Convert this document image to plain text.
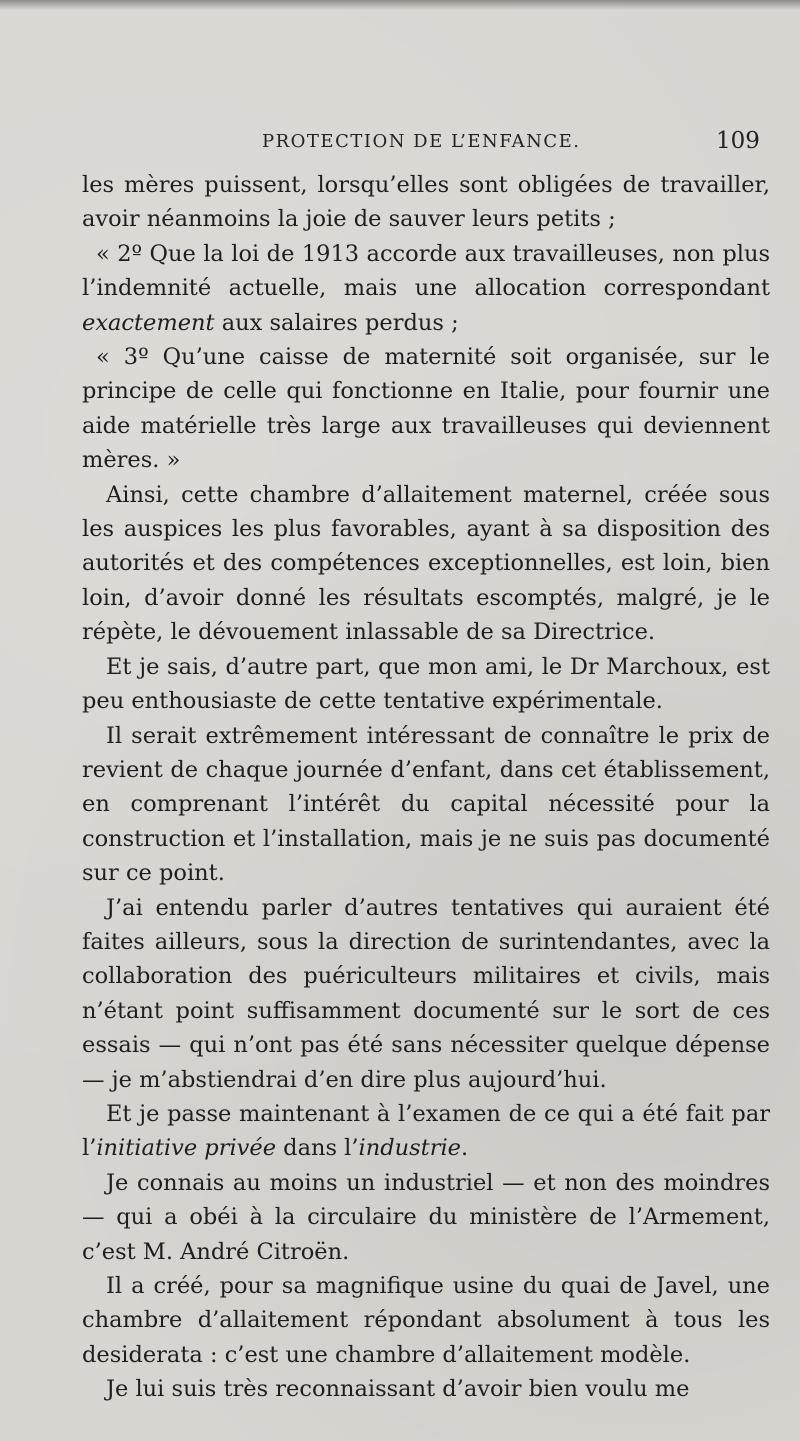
PROTECTION DE L’ENFANCE.	109

les mères puissent, lorsqu’elles sont obligées de travailler, avoir néanmoins la joie de sauver leurs petits ;

« 2º Que la loi de 1913 accorde aux travailleuses, non plus l’indemnité actuelle, mais une allocation correspondant exactement aux salaires perdus ;

« 3º Qu’une caisse de maternité soit organisée, sur le principe de celle qui fonctionne en Italie, pour fournir une aide matérielle très large aux travailleuses qui deviennent mères. »

Ainsi, cette chambre d’allaitement maternel, créée sous les auspices les plus favorables, ayant à sa disposition des autorités et des compétences exceptionnelles, est loin, bien loin, d’avoir donné les résultats escomptés, malgré, je le répète, le dévouement inlassable de sa Directrice.

Et je sais, d’autre part, que mon ami, le Dr Marchoux, est peu enthousiaste de cette tentative expérimentale.

Il serait extrêmement intéressant de connaître le prix de revient de chaque journée d’enfant, dans cet établissement, en comprenant l’intérêt du capital nécessité pour la construction et l’installation, mais je ne suis pas documenté sur ce point.

J’ai entendu parler d’autres tentatives qui auraient été faites ailleurs, sous la direction de surintendantes, avec la collaboration des puériculteurs militaires et civils, mais n’étant point suffisamment documenté sur le sort de ces essais — qui n’ont pas été sans nécessiter quelque dépense — je m’abstiendrai d’en dire plus aujourd’hui.

Et je passe maintenant à l’examen de ce qui a été fait par l’initiative privée dans l’industrie.

Je connais au moins un industriel — et non des moindres — qui a obéi à la circulaire du ministère de l’Armement, c’est M. André Citroën.

Il a créé, pour sa magnifique usine du quai de Javel, une chambre d’allaitement répondant absolument à tous les desiderata : c’est une chambre d’allaitement modèle.

Je lui suis très reconnaissant d’avoir bien voulu me
